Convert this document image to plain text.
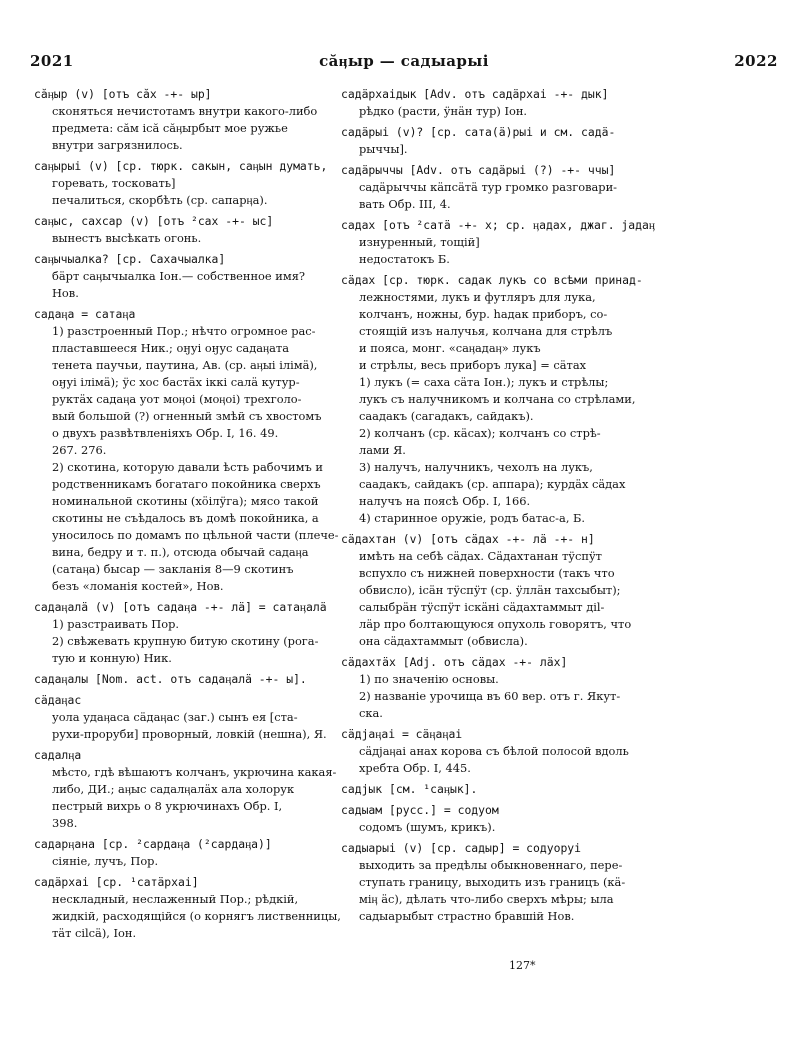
2021	сӑӊыр — садыарыі	2022

сӑӊыр (v) [отъ сӑх -+- ыр]

сконяться нечистотамъ внутри какого-либо

предмета: сӑм ісӑ сӑӊырбыт мое ружье

внутри загрязнилось.

саӊырыі (v) [ср. тюрк. сакын, саӊын думать,

горевать, тосковать]

печалиться, скорбѣть (ср. сапарӊа).

саӊыс, сахсар (v) [отъ ²сах -+- ыс]

вынестъ высѣкать огонь.

саӊычыалка? [ср. Сахачыалка]

бӓрт саӊычыалка Іон.— собственное имя?

Нов.

садаӊа = сатаӊа

1) разстроенный Пор.; нѣчто огромное рас-

пластавшееся Ник.; оӈуі оӈус садаӊата

тенета паучьи, паутина, Ав. (ср. аӊыі ілімӓ),

оӈуі ілімӓ); ӱс хос бастӓх іккі салӓ кутур-

руктӓх садаӊа уот моӊоі (моӊоі) трехголо-

вый большой (?) огненный змѣй съ хвостомъ

о двухъ развѣтвленіяхъ Обр. І, 16. 49.

267. 276.

2) скотина, которую давали ѣсть рабочимъ и

родственникамъ богатаго покойника сверхъ

номинальной скотины (хӧілӱга); мясо такой

скотины не съѣдалось въ домѣ покойника, а

уносилось по домамъ по цѣльной части (плече-

вина, бедру и т. п.), отсюда обычай садаӊа

(сатаӊа) бысар — закланія 8—9 скотинъ

безъ «ломанія костей», Нов.

садаӊалӓ (v) [отъ садаӊа -+- лӓ] = сатаӊалӓ

1) разстраивать Пор.

2) свѣжевать крупную битую скотину (рога-

тую и конную) Ник.

садаӊалы [Nom. act. отъ садаӊалӓ -+- ы].

сӓдаӊас

уола удаӊаса сӓдаӊас (заг.) сынъ ея [ста-

рухи-проруби] проворный, ловкій (нешна), Я.

садалӊа

мѣсто, гдѣ вѣшаютъ колчанъ, укрючина какая-

либо, ДИ.; аӊыс садалӊалӓх ала холорук

пестрый вихрь о 8 укрючинахъ Обр. І,

398.

садарӊана [ср. ²сардаӊа (²сардаӊа)]

сіяніе, лучъ, Пор.

садӓрхаі [ср. ¹сатӓрхаі]

нескладный, неслаженный Пор.; рѣдкій,

жидкій, расходящійся (о корнягъ лиственницы,

тӓт сіlсӓ), Іон.

садӓрхаідык [Adv. отъ садӓрхаі -+- дык]

рѣдко (расти, ӱнӓн тур) Іон.

садӓрыі (v)? [ср. сата(ӓ)рыі и см. садӓ-

рыччы].

садӓрыччы [Adv. отъ садӓрыі (?) -+- ччы]

садӓрыччы кӓпсӓтӓ тур громко разговари-

вать Обр. ІІІ, 4.

садах [отъ ²сатӓ -+- х; ср. ӊадах, джаг. јадаӊ

изнуренный, тощій]

недостатокъ Б.

сӓдах [ср. тюрк. садак лукъ со всѣми принад-

лежностями, лукъ и футляръ для лука,

колчанъ, ножны, бур. һадак приборъ, со-

стоящій изъ налучья, колчана для стрѣлъ

и пояса, монг. «саӊадаӊ» лукъ

и стрѣлы, весь приборъ лука] = сӓтах

1) лукъ (= саха сӓта Іон.); лукъ и стрѣлы;

лукъ съ налучникомъ и колчана со стрѣлами,

саадакъ (сагадакъ, сайдакъ).

2) колчанъ (ср. кӓсах); колчанъ со стрѣ-

лами Я.

3) налучъ, налучникъ, чехолъ на лукъ,

саадакъ, сайдакъ (ср. аппара); курдӓх сӓдах

налучъ на поясѣ Обр. І, 166.

4) старинное оружіе, родъ батас-а, Б.

сӓдахтан (v) [отъ сӓдах -+- лӓ -+- н]

имѣть на себѣ сӓдах. Сӓдахтанан тӱспӱт

вспухло съ нижней поверхности (такъ что

обвисло), ісӓн тӱспӱт (ср. ӱллӓн тахсыбыт);

салыбрӓн тӱспӱт іскӓні сӓдахтаммыт діl-

лӓр про болтающуюся опухоль говорятъ, что

она сӓдахтаммыт (обвисла).

сӓдахтӓх [Adj. отъ сӓдах -+- лӓх]

1) по значенію основы.

2) названіе урочища въ 60 вер. отъ г. Якут-

ска.

сӓдјаӊаі = сӓӊаӊаі

сӓдјаӊаі анах корова съ бѣлой полосой вдоль

хребта Обр. І, 445.

садјык [см. ¹саӊык].

садыам [русс.] = содуом

содомъ (шумъ, крикъ).

садыарыі (v) [ср. садыр] = содуоруі

выходить за предѣлы обыкновеннаго, пере-

ступать границу, выходить изъ границъ (кӓ-

міӊ ӓс), дѣлать что-либо сверхъ мѣры; ыла

садыарыбыт страстно бравшій Нов.

127*
